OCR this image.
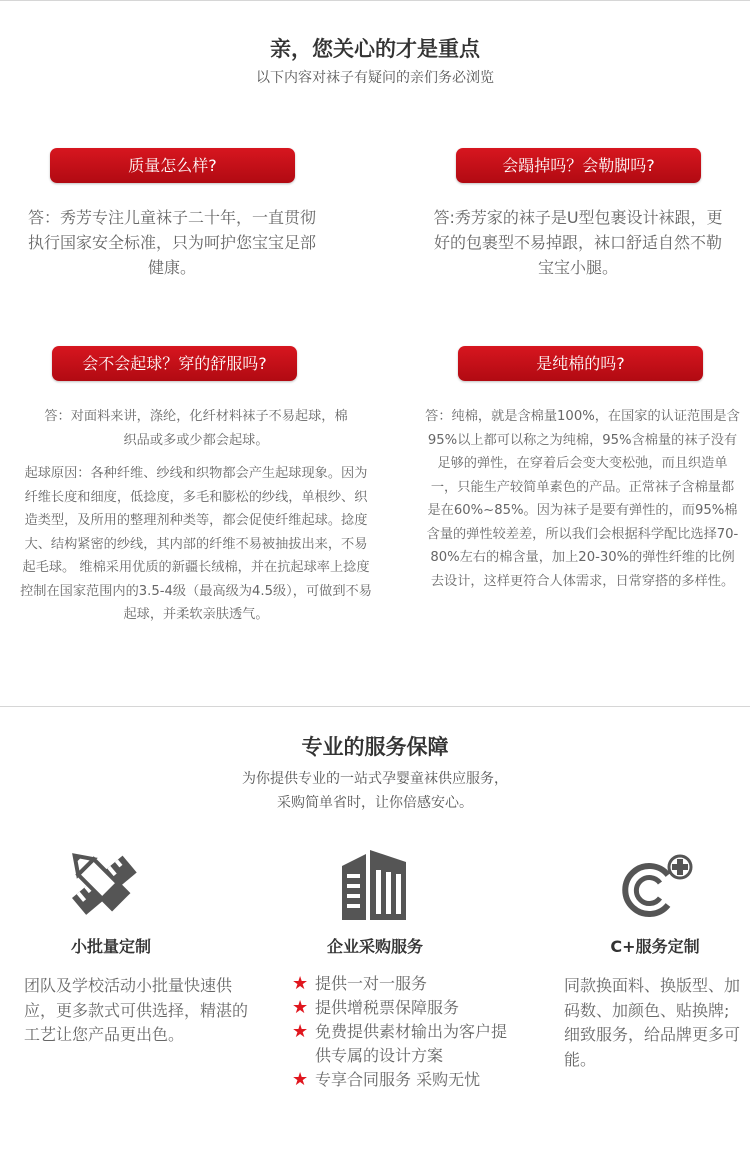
亲，您关心的才是重点
以下内容对袜子有疑问的亲们务必浏览
质量怎么样?	会蹋掉吗？会勒脚吗?

答：秀芳专注儿童袜子二十年，一直贯彻执行国家安全标准，只为呵护您宝宝足部健康。

答:秀芳家的袜子是U型包裹设计袜跟，更好的包裹型不易掉跟，袜口舒适自然不勒宝宝小腿。

会不会起球？穿的舒服吗?	是纯棉的吗?

答：对面料来讲，涤纶，化纤材料袜子不易起球，棉织品或多或少都会起球。

起球原因：各种纤维、纱线和织物都会产生起球现象。因为纤维长度和细度，低捻度，多毛和膨松的纱线，单根纱、织造类型，及所用的整理剂种类等，都会促使纤维起球。捻度大、结构紧密的纱线，其内部的纤维不易被抽拔出来，不易起毛球。 维棉采用优质的新疆长绒棉，并在抗起球率上捻度控制在国家范围内的3.5-4级（最高级为4.5级），可做到不易起球，并柔软亲肤透气。

答：纯棉，就是含棉量100%，在国家的认证范围是含95%以上都可以称之为纯棉，95%含棉量的袜子没有足够的弹性，在穿着后会变大变松弛，而且织造单一，只能生产较简单素色的产品。正常袜子含棉量都是在60%~85%。因为袜子是要有弹性的，而95%棉含量的弹性较差差，所以我们会根据科学配比选择70-80%左右的棉含量，加上20-30%的弹性纤维的比例去设计，这样更符合人体需求，日常穿搭的多样性。

专业的服务保障
为你提供专业的一站式孕婴童袜供应服务，
采购简单省时，让你倍感安心。
小批量定制	企业采购服务	C+服务定制
团队及学校活动小批量快速供应，更多款式可供选择，精湛的工艺让您产品更出色。
★ 提供一对一服务
★ 提供增税票保障服务
★ 免费提供素材输出为客户提供专属的设计方案
★ 专享合同服务 采购无忧
同款换面料、换版型、加码数、加颜色、贴换牌;细致服务，给品牌更多可能。
